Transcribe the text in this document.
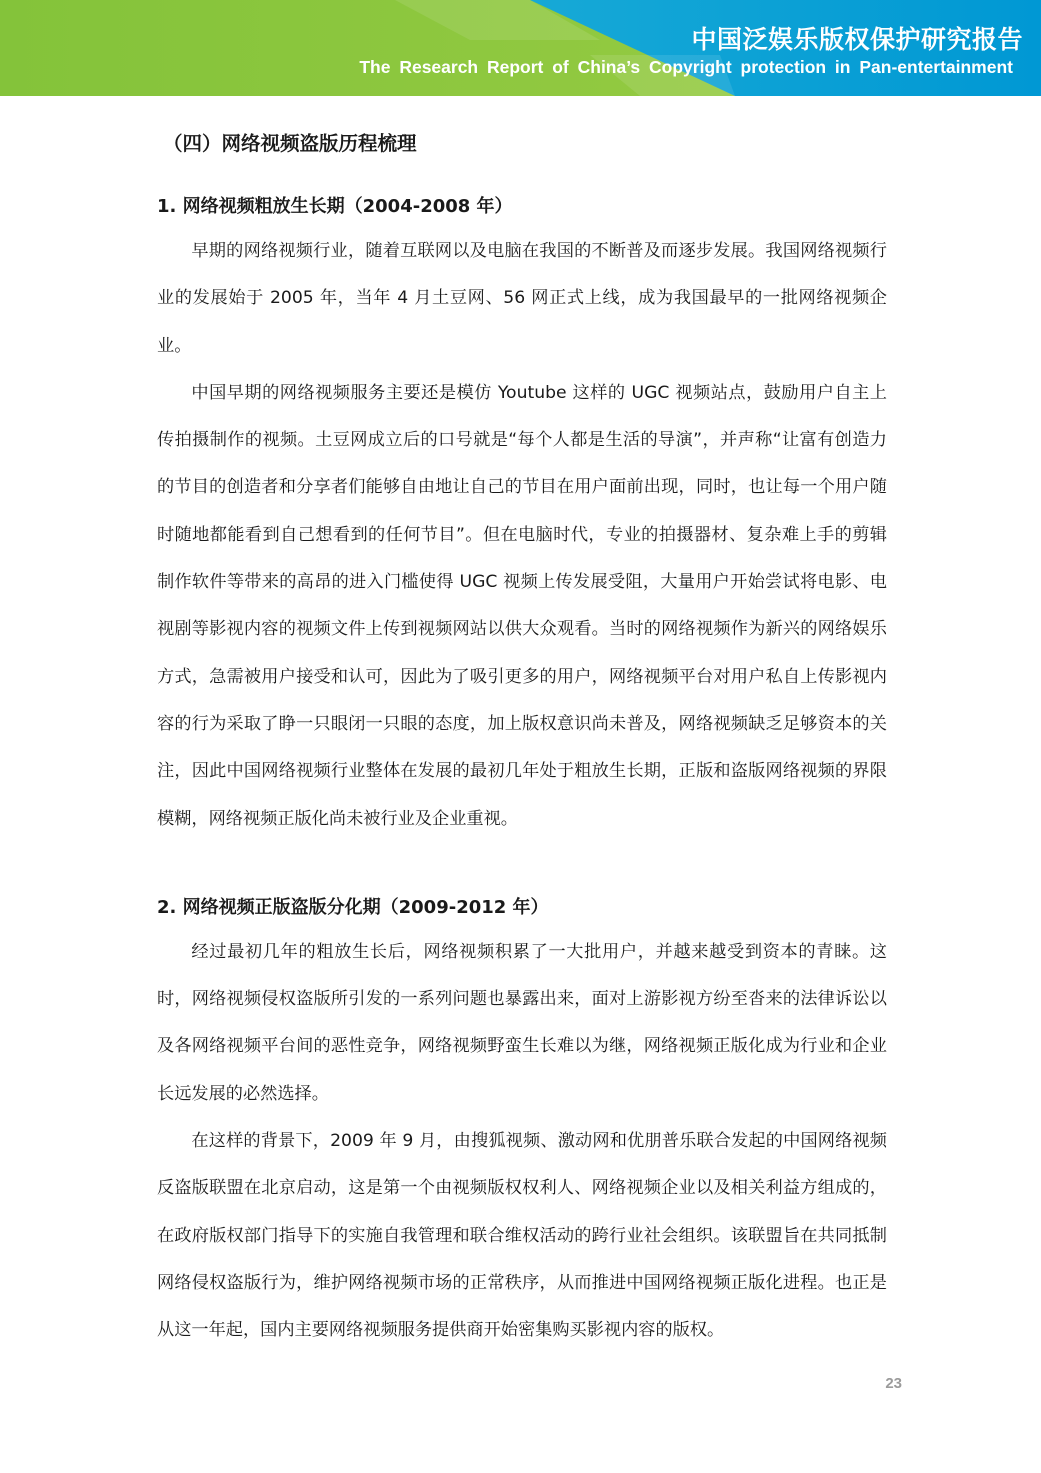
中国泛娱乐版权保护研究报告
The Research Report of China’s Copyright protection in Pan-entertainment
（四）网络视频盗版历程梳理
1. 网络视频粗放生长期（2004-2008 年）

早期的网络视频行业，随着互联网以及电脑在我国的不断普及而逐步发展。我国网络视频行业的发展始于 2005 年，当年 4 月土豆网、56 网正式上线，成为我国最早的一批网络视频企业。

中国早期的网络视频服务主要还是模仿 Youtube 这样的 UGC 视频站点，鼓励用户自主上传拍摄制作的视频。土豆网成立后的口号就是“每个人都是生活的导演”，并声称“让富有创造力的节目的创造者和分享者们能够自由地让自己的节目在用户面前出现，同时，也让每一个用户随时随地都能看到自己想看到的任何节目”。但在电脑时代，专业的拍摄器材、复杂难上手的剪辑制作软件等带来的高昂的进入门槛使得 UGC 视频上传发展受阻，大量用户开始尝试将电影、电视剧等影视内容的视频文件上传到视频网站以供大众观看。当时的网络视频作为新兴的网络娱乐方式，急需被用户接受和认可，因此为了吸引更多的用户，网络视频平台对用户私自上传影视内容的行为采取了睁一只眼闭一只眼的态度，加上版权意识尚未普及，网络视频缺乏足够资本的关注，因此中国网络视频行业整体在发展的最初几年处于粗放生长期，正版和盗版网络视频的界限模糊，网络视频正版化尚未被行业及企业重视。

2. 网络视频正版盗版分化期（2009-2012 年）

经过最初几年的粗放生长后，网络视频积累了一大批用户，并越来越受到资本的青睐。这时，网络视频侵权盗版所引发的一系列问题也暴露出来，面对上游影视方纷至沓来的法律诉讼以及各网络视频平台间的恶性竞争，网络视频野蛮生长难以为继，网络视频正版化成为行业和企业长远发展的必然选择。

在这样的背景下，2009 年 9 月，由搜狐视频、激动网和优朋普乐联合发起的中国网络视频反盗版联盟在北京启动，这是第一个由视频版权权利人、网络视频企业以及相关利益方组成的，在政府版权部门指导下的实施自我管理和联合维权活动的跨行业社会组织。该联盟旨在共同抵制网络侵权盗版行为，维护网络视频市场的正常秩序，从而推进中国网络视频正版化进程。也正是从这一年起，国内主要网络视频服务提供商开始密集购买影视内容的版权。

23
